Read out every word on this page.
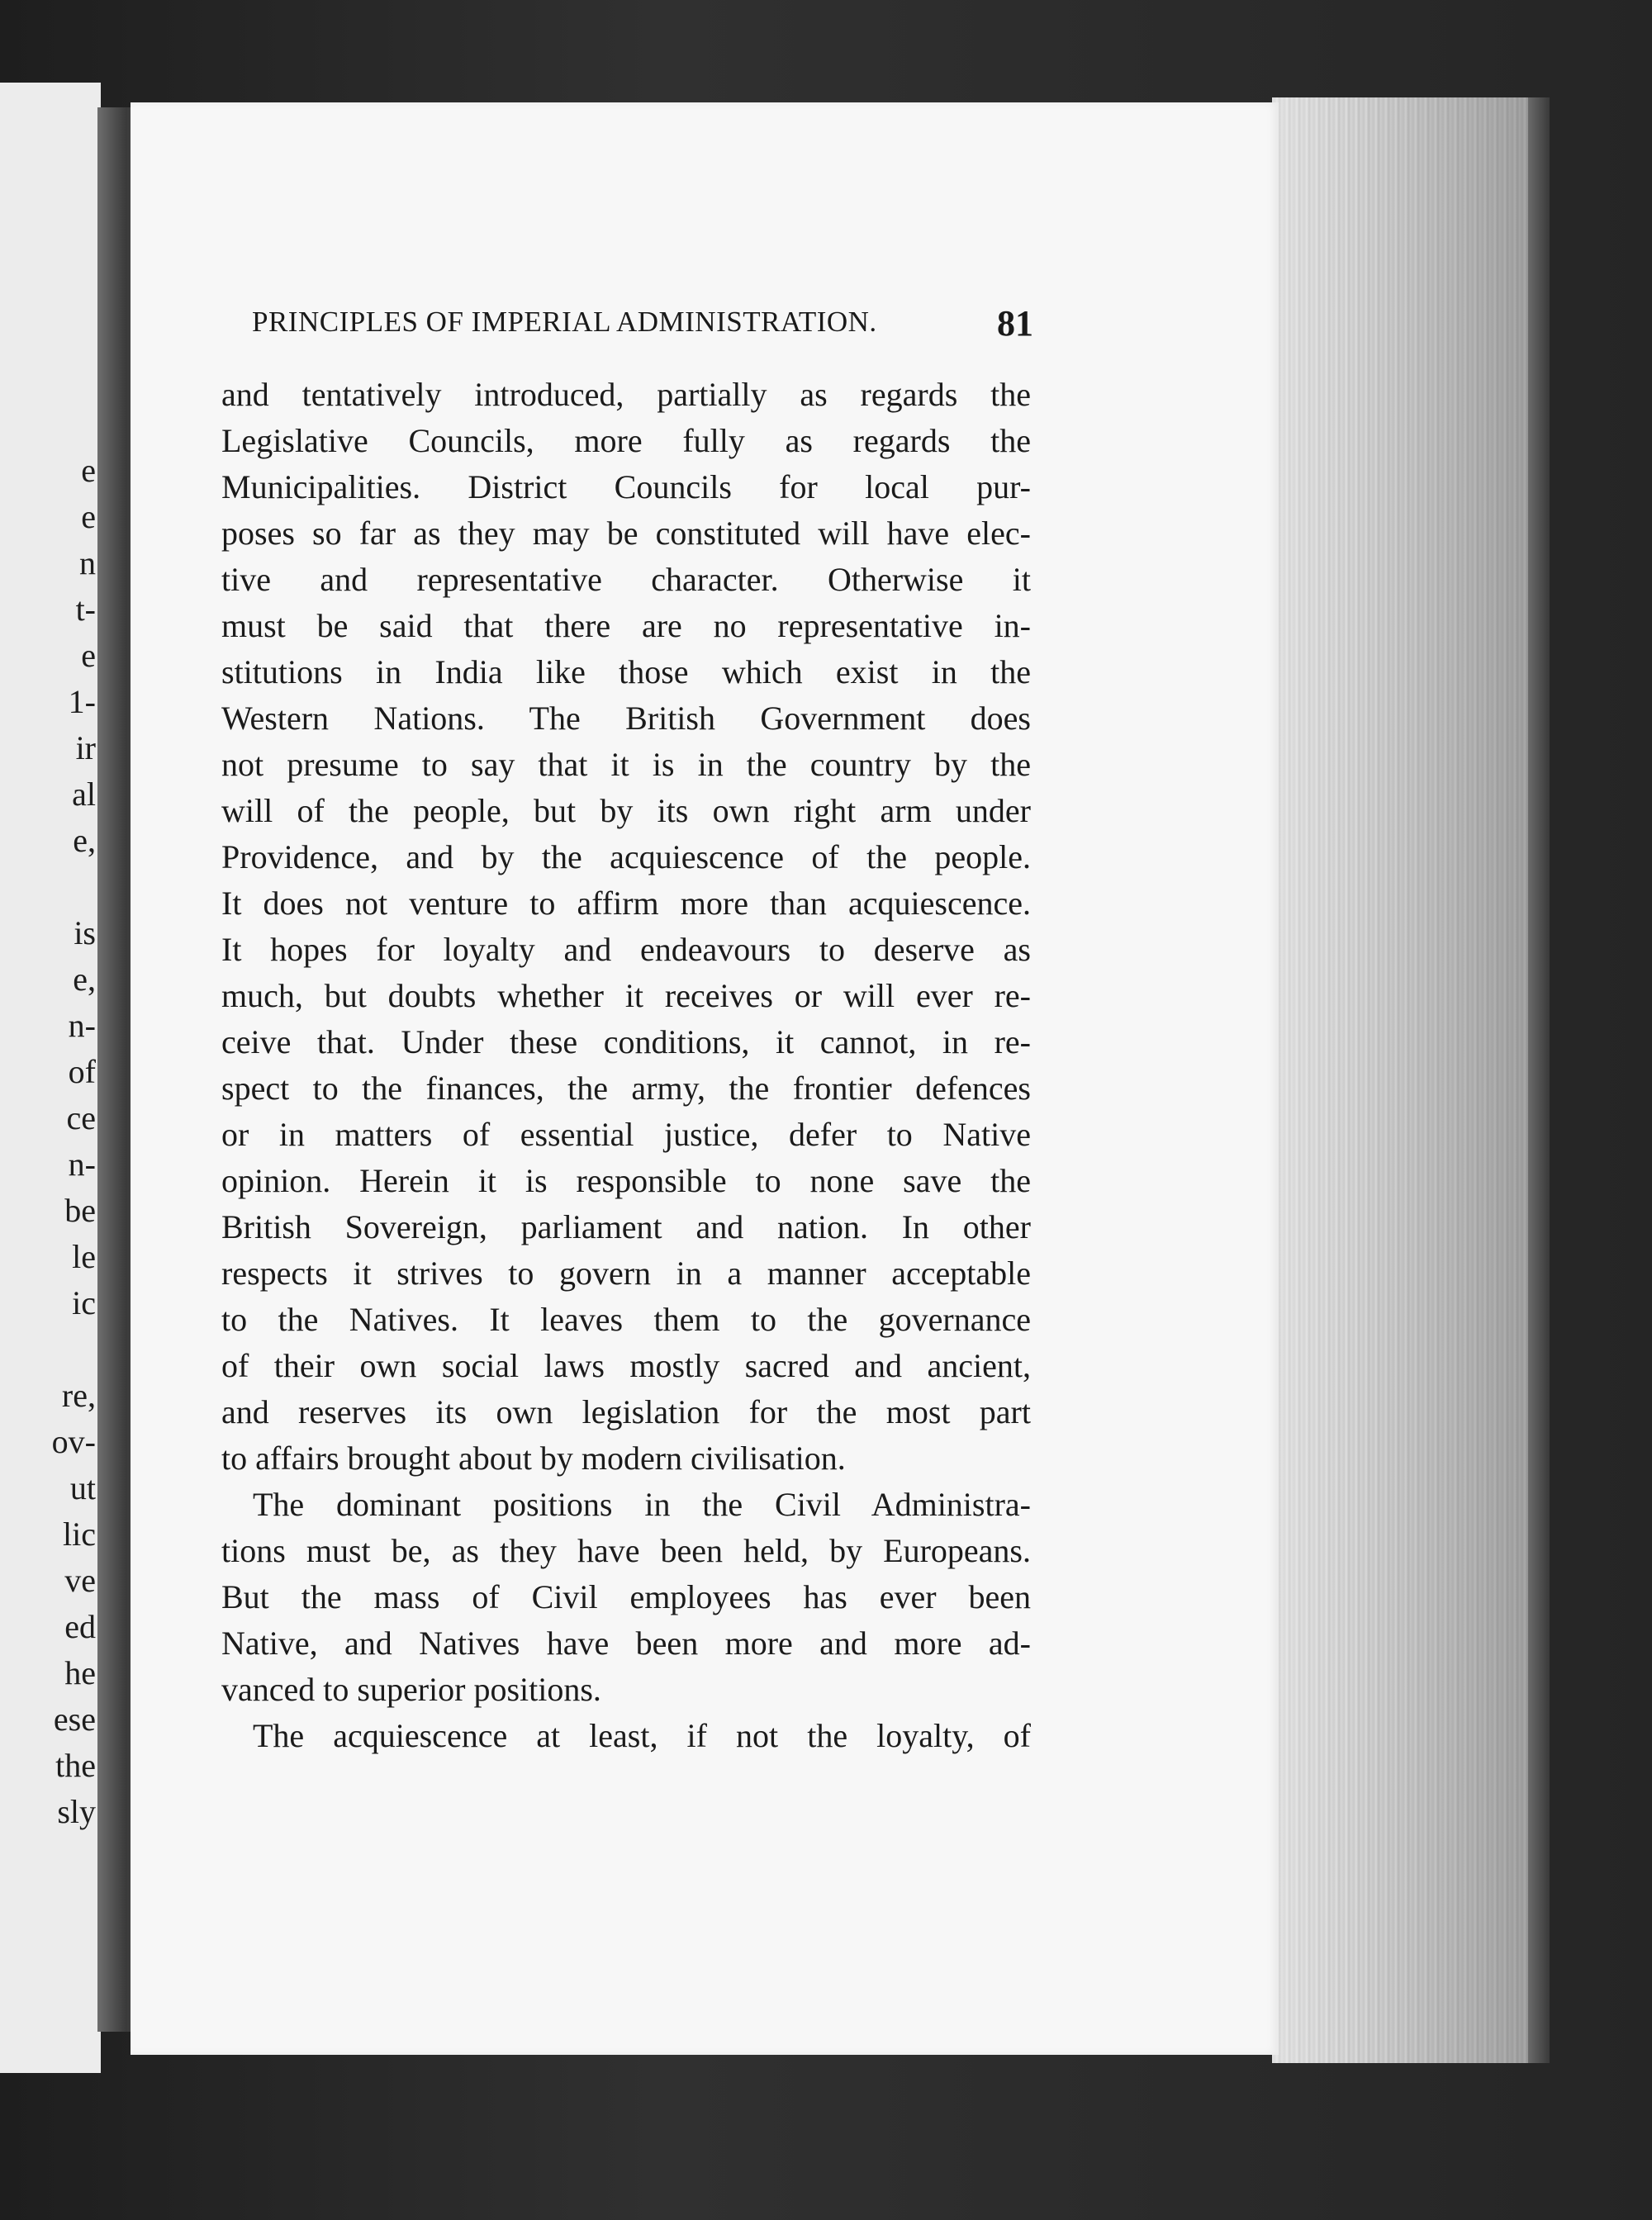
e
e
n
t-
e
1-
ir
al
e,
is
e,
n-
of
ce
n-
be
le
ic
re,
ov-
ut
lic
ve
ed
he
ese
the
sly
PRINCIPLES OF IMPERIAL ADMINISTRATION.	81
and tentatively introduced, partially as regards the
Legislative Councils, more fully as regards the
Municipalities. District Councils for local pur-
poses so far as they may be constituted will have elec-
tive and representative character. Otherwise it
must be said that there are no representative in-
stitutions in India like those which exist in the
Western Nations. The British Government does
not presume to say that it is in the country by the
will of the people, but by its own right arm under
Providence, and by the acquiescence of the people.
It does not venture to affirm more than acquiescence.
It hopes for loyalty and endeavours to deserve as
much, but doubts whether it receives or will ever re-
ceive that. Under these conditions, it cannot, in re-
spect to the finances, the army, the frontier defences
or in matters of essential justice, defer to Native
opinion. Herein it is responsible to none save the
British Sovereign, parliament and nation. In other
respects it strives to govern in a manner acceptable
to the Natives. It leaves them to the governance
of their own social laws mostly sacred and ancient,
and reserves its own legislation for the most part
to affairs brought about by modern civilisation.
The dominant positions in the Civil Administra-
tions must be, as they have been held, by Europeans.
But the mass of Civil employees has ever been
Native, and Natives have been more and more ad-
vanced to superior positions.
The acquiescence at least, if not the loyalty, of
